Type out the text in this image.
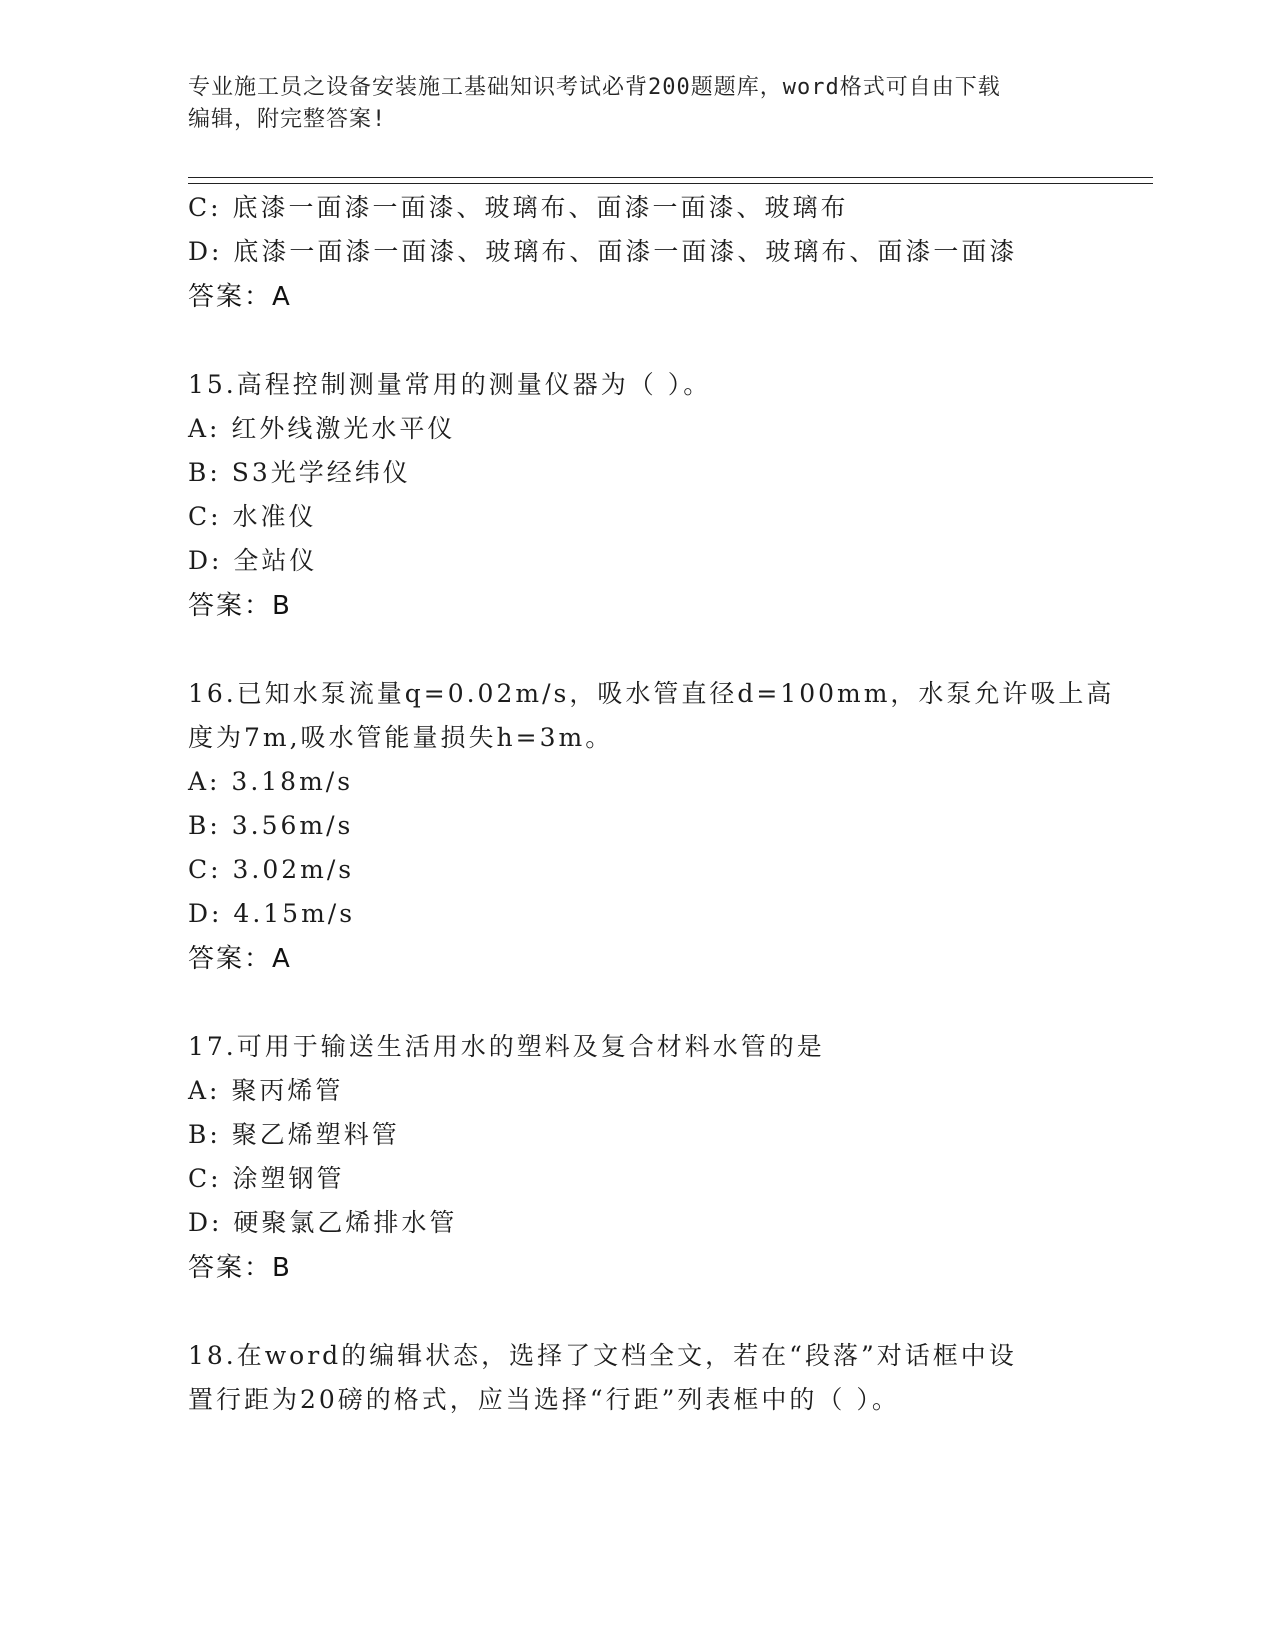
专业施工员之设备安装施工基础知识考试必背200题题库，word格式可自由下载
编辑，附完整答案!
C: 底漆一面漆一面漆、玻璃布、面漆一面漆、玻璃布
D: 底漆一面漆一面漆、玻璃布、面漆一面漆、玻璃布、面漆一面漆
答案：A
15.高程控制测量常用的测量仪器为（ ）。
A: 红外线激光水平仪
B: S3光学经纬仪
C: 水准仪
D: 全站仪
答案：B
16.已知水泵流量q=0.02m/s，吸水管直径d=100mm，水泵允许吸上高
度为7m,吸水管能量损失h=3m。
A: 3.18m/s
B: 3.56m/s
C: 3.02m/s
D: 4.15m/s
答案：A
17.可用于输送生活用水的塑料及复合材料水管的是
A: 聚丙烯管
B: 聚乙烯塑料管
C: 涂塑钢管
D: 硬聚氯乙烯排水管
答案：B
18.在word的编辑状态，选择了文档全文，若在“段落”对话框中设
置行距为20磅的格式，应当选择“行距”列表框中的（ ）。
